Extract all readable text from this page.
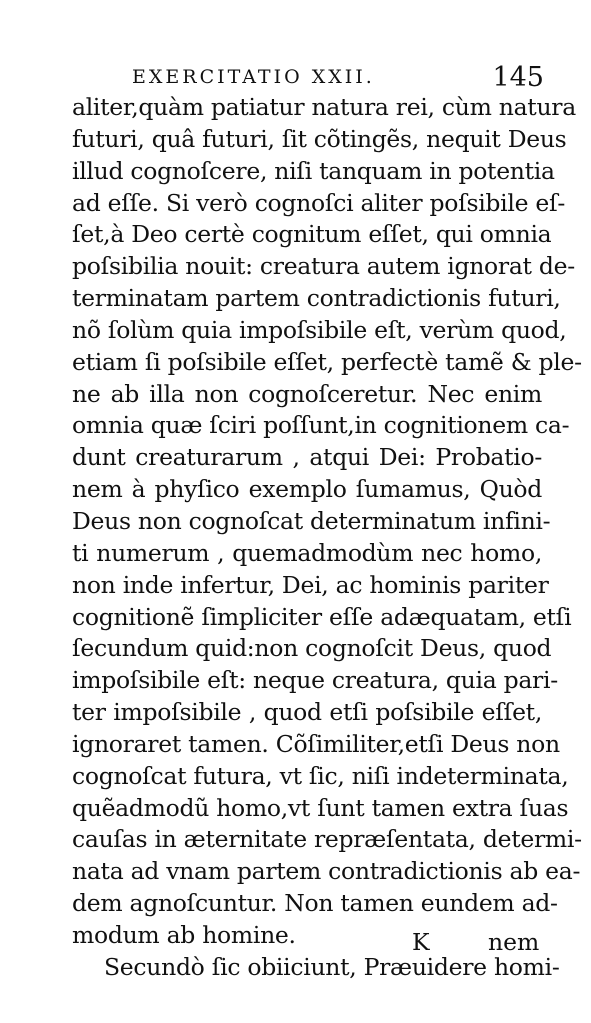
EXERCITATIO XXII.	145
aliter,quàm patiatur natura rei, cùm natura
futuri, quâ futuri, ſit cõtingẽs, nequit Deus
illud cognoſcere, niſi tanquam in potentia
ad eſſe. Si verò cognoſci aliter poſsibile eſ-
ſet,à Deo certè cognitum eſſet, qui omnia
poſsibilia nouit: creatura autem ignorat de-
terminatam partem contradictionis futuri,
nõ ſolùm quia impoſsibile eſt, verùm quod,
etiam ſi poſsibile eſſet, perfectè tamẽ & ple-
ne ab illa non cognoſceretur. Nec enim
omnia quæ ſciri poſſunt,in cognitionem ca-
dunt creaturarum , atqui Dei: Probatio-
nem à phyſico exemplo ſumamus, Quòd
Deus non cognoſcat determinatum infini-
ti numerum , quemadmodùm nec homo,
non inde infertur, Dei, ac hominis pariter
cognitionẽ ſimpliciter eſſe adæquatam, etſi
ſecundum quid:non cognoſcit Deus, quod
impoſsibile eſt: neque creatura, quia pari-
ter impoſsibile , quod etſi poſsibile eſſet,
ignoraret tamen. Cõſimiliter,etſi Deus non
cognoſcat futura, vt ſic, niſi indeterminata,
quẽadmodũ homo,vt ſunt tamen extra ſuas
cauſas in æternitate repræſentata, determi-
nata ad vnam partem contradictionis ab ea-
dem agnoſcuntur. Non tamen eundem ad-
modum ab homine.
Secundò ſic obiiciunt, Præuidere homi-
K nem
